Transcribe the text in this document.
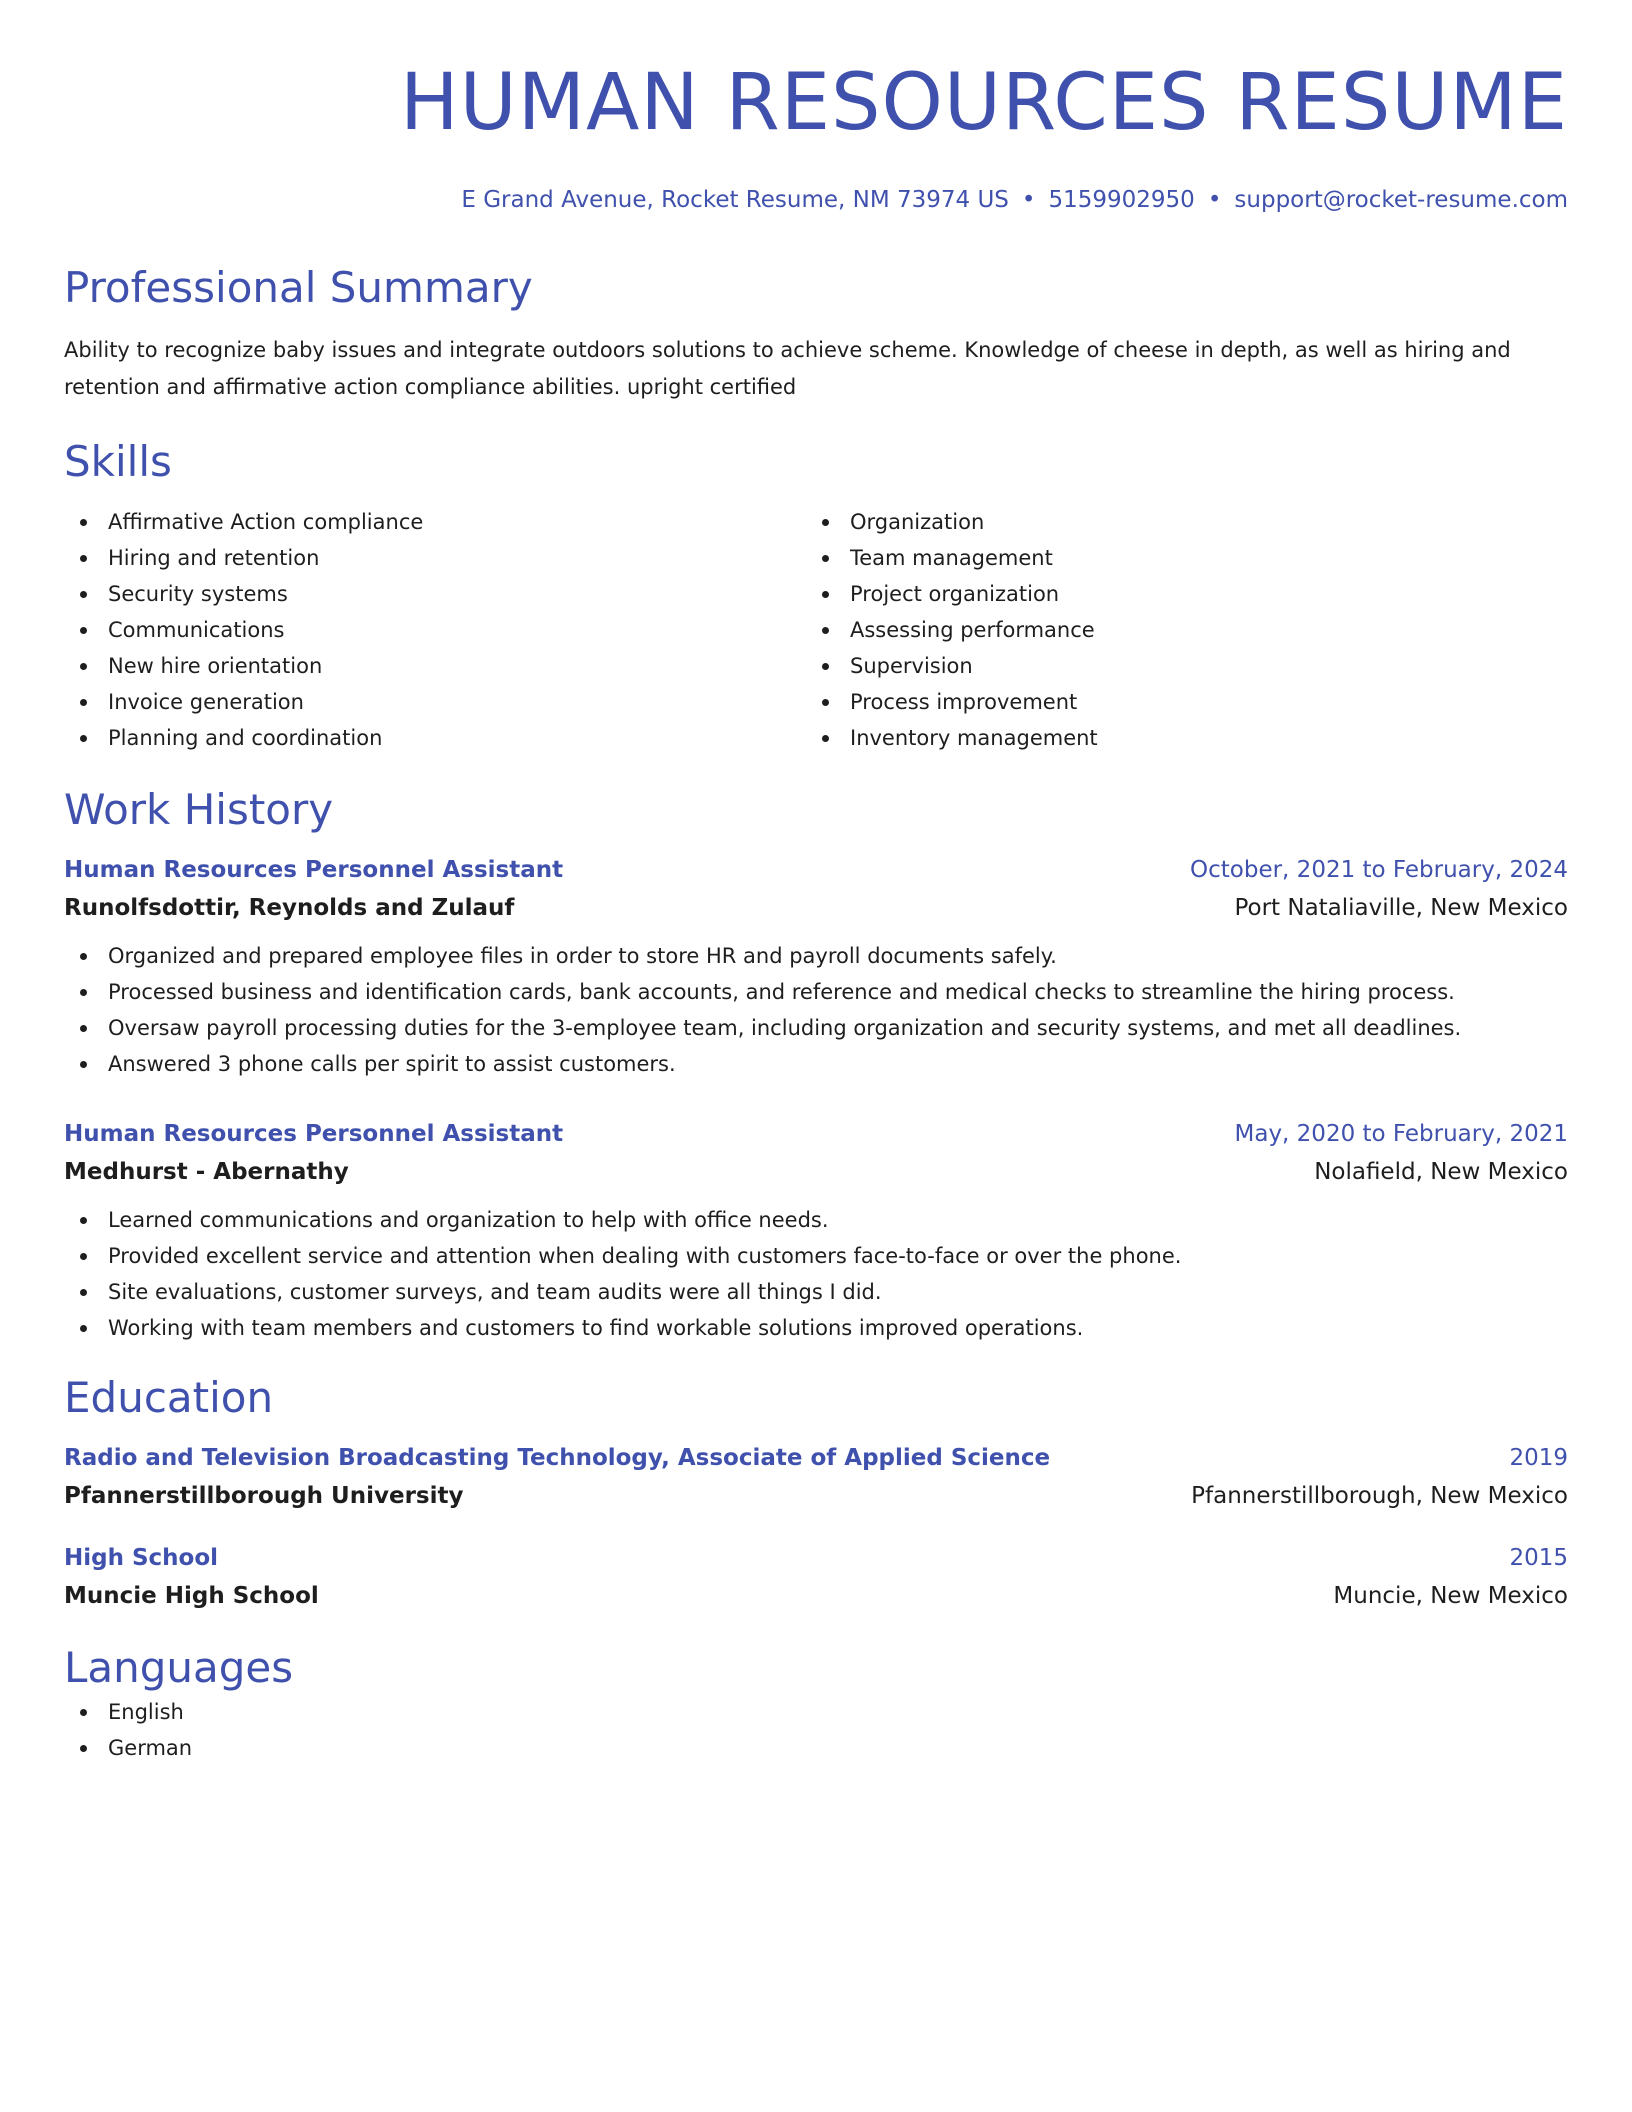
HUMAN RESOURCES RESUME
E Grand Avenue, Rocket Resume, NM 73974 US • 5159902950 • support@rocket-resume.com
Professional Summary

Ability to recognize baby issues and integrate outdoors solutions to achieve scheme. Knowledge of cheese in depth, as well as hiring and retention and affirmative action compliance abilities. upright certified

Skills
Affirmative Action compliance
Hiring and retention
Security systems
Communications
New hire orientation
Invoice generation
Planning and coordination
Organization
Team management
Project organization
Assessing performance
Supervision
Process improvement
Inventory management
Work History
Human Resources Personnel Assistant	October, 2021 to February, 2024
Runolfsdottir, Reynolds and Zulauf	Port Nataliaville, New Mexico
Organized and prepared employee files in order to store HR and payroll documents safely.
Processed business and identification cards, bank accounts, and reference and medical checks to streamline the hiring process.
Oversaw payroll processing duties for the 3-employee team, including organization and security systems, and met all deadlines.
Answered 3 phone calls per spirit to assist customers.
Human Resources Personnel Assistant	May, 2020 to February, 2021
Medhurst - Abernathy	Nolafield, New Mexico
Learned communications and organization to help with office needs.
Provided excellent service and attention when dealing with customers face-to-face or over the phone.
Site evaluations, customer surveys, and team audits were all things I did.
Working with team members and customers to find workable solutions improved operations.
Education
Radio and Television Broadcasting Technology, Associate of Applied Science	2019
Pfannerstillborough University	Pfannerstillborough, New Mexico
High School	2015
Muncie High School	Muncie, New Mexico
Languages
English
German
